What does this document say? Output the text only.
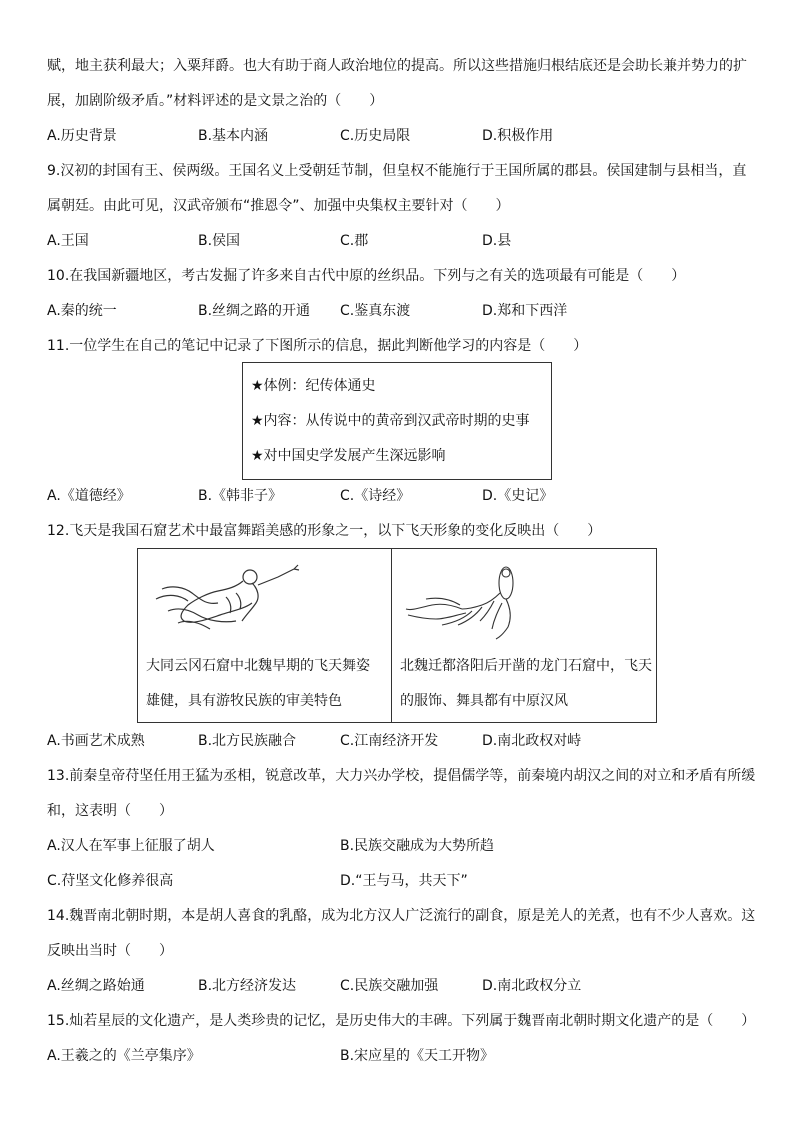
赋，地主获利最大；入粟拜爵。也大有助于商人政治地位的提高。所以这些措施归根结底还是会助长兼并势力的扩
展，加剧阶级矛盾。”材料评述的是文景之治的（　　）
A.历史背景	B.基本内涵	C.历史局限	D.积极作用
9.汉初的封国有王、侯两级。王国名义上受朝廷节制，但皇权不能施行于王国所属的郡县。侯国建制与县相当，直
属朝廷。由此可见，汉武帝颁布“推恩令”、加强中央集权主要针对（　　）
A.王国	B.侯国	C.郡	D.县
10.在我国新疆地区，考古发掘了许多来自古代中原的丝织品。下列与之有关的选项最有可能是（　　）
A.秦的统一	B.丝绸之路的开通 C.鉴真东渡	D.郑和下西洋
11.一位学生在自己的笔记中记录了下图所示的信息，据此判断他学习的内容是（　　）
★体例：纪传体通史
★内容：从传说中的黄帝到汉武帝时期的史事
★对中国史学发展产生深远影响
A.《道德经》	B.《韩非子》	C.《诗经》	D.《史记》
12.飞天是我国石窟艺术中最富舞蹈美感的形象之一，以下飞天形象的变化反映出（　　）
大同云冈石窟中北魏早期的飞天舞姿
雄健，具有游牧民族的审美特色
北魏迁都洛阳后开凿的龙门石窟中，飞天
的服饰、舞具都有中原汉风
A.书画艺术成熟	B.北方民族融合	C.江南经济开发	D.南北政权对峙
13.前秦皇帝苻坚任用王猛为丞相，锐意改革，大力兴办学校，提倡儒学等，前秦境内胡汉之间的对立和矛盾有所缓
和，这表明（　　）
A.汉人在军事上征服了胡人	B.民族交融成为大势所趋
C.苻坚文化修养很高	D.“王与马，共天下”
14.魏晋南北朝时期，本是胡人喜食的乳酪，成为北方汉人广泛流行的副食，原是羌人的羌煮，也有不少人喜欢。这
反映出当时（　　）
A.丝绸之路始通	B.北方经济发达	C.民族交融加强	D.南北政权分立
15.灿若星辰的文化遗产，是人类珍贵的记忆，是历史伟大的丰碑。下列属于魏晋南北朝时期文化遗产的是（　　）
A.王羲之的《兰亭集序》	B.宋应星的《天工开物》
